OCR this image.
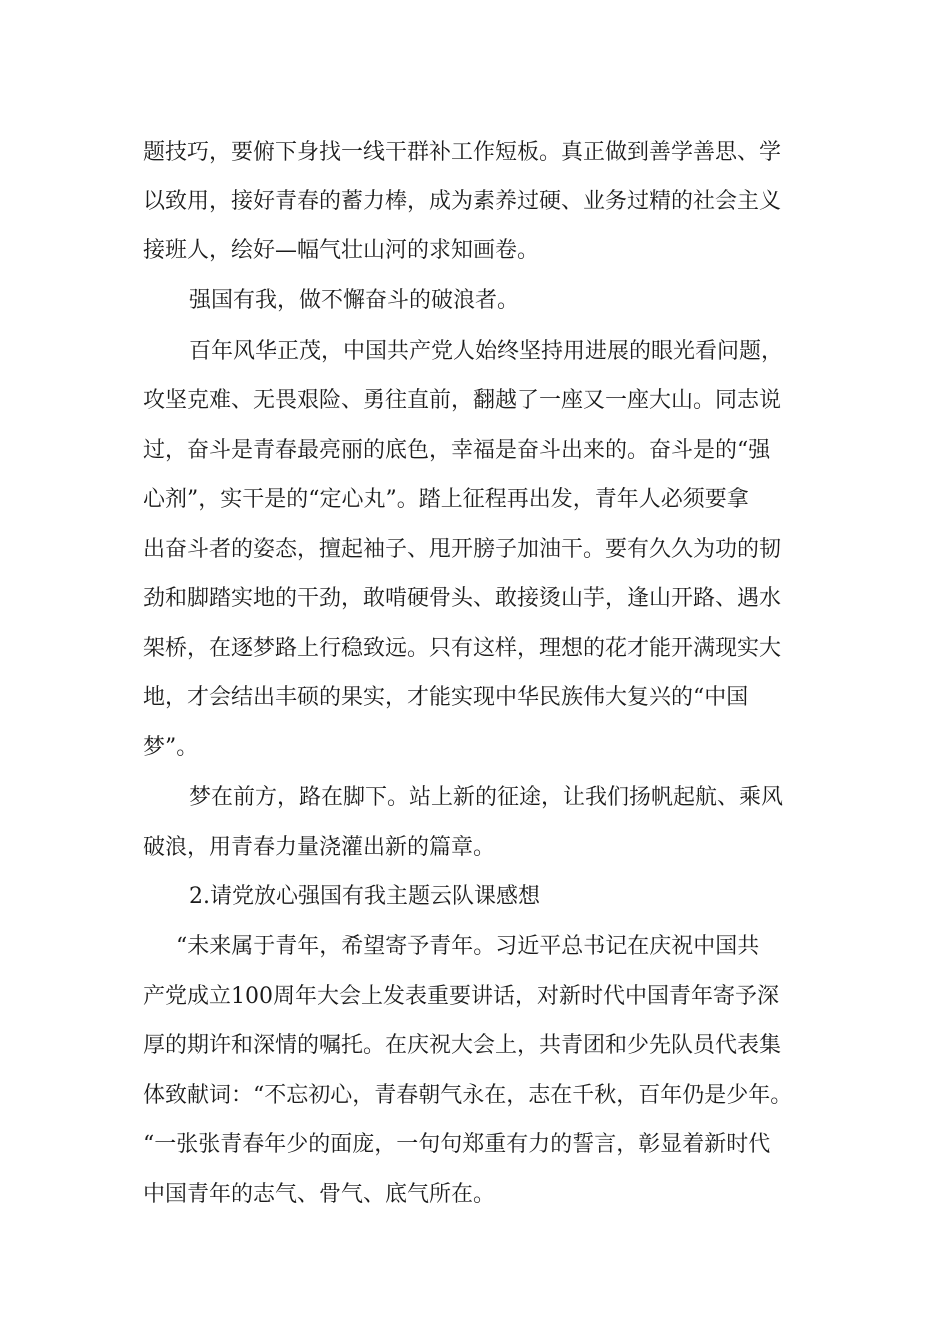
题技巧，要俯下身找一线干群补工作短板。真正做到善学善思、学
以致用，接好青春的蓄力棒，成为素养过硬、业务过精的社会主义
接班人，绘好—幅气壮山河的求知画卷。
强国有我，做不懈奋斗的破浪者。
百年风华正茂，中国共产党人始终坚持用进展的眼光看问题，
攻坚克难、无畏艰险、勇往直前，翻越了一座又一座大山。同志说
过，奋斗是青春最亮丽的底色，幸福是奋斗出来的。奋斗是的“强
心剂”，实干是的“定心丸”。踏上征程再出发，青年人必须要拿
出奋斗者的姿态，擅起袖子、甩开膀子加油干。要有久久为功的韧
劲和脚踏实地的干劲，敢啃硬骨头、敢接烫山芋，逢山开路、遇水
架桥，在逐梦路上行稳致远。只有这样，理想的花才能开满现实大
地，才会结出丰硕的果实，才能实现中华民族伟大复兴的“中国
梦”。
梦在前方，路在脚下。站上新的征途，让我们扬帆起航、乘风
破浪，用青春力量浇灌出新的篇章。
2.请党放心强国有我主题云队课感想
“未来属于青年，希望寄予青年。习近平总书记在庆祝中国共
产党成立100周年大会上发表重要讲话，对新时代中国青年寄予深
厚的期许和深情的嘱托。在庆祝大会上，共青团和少先队员代表集
体致献词：“不忘初心，青春朝气永在，志在千秋，百年仍是少年。
“一张张青春年少的面庞，一句句郑重有力的誓言，彰显着新时代
中国青年的志气、骨气、底气所在。
